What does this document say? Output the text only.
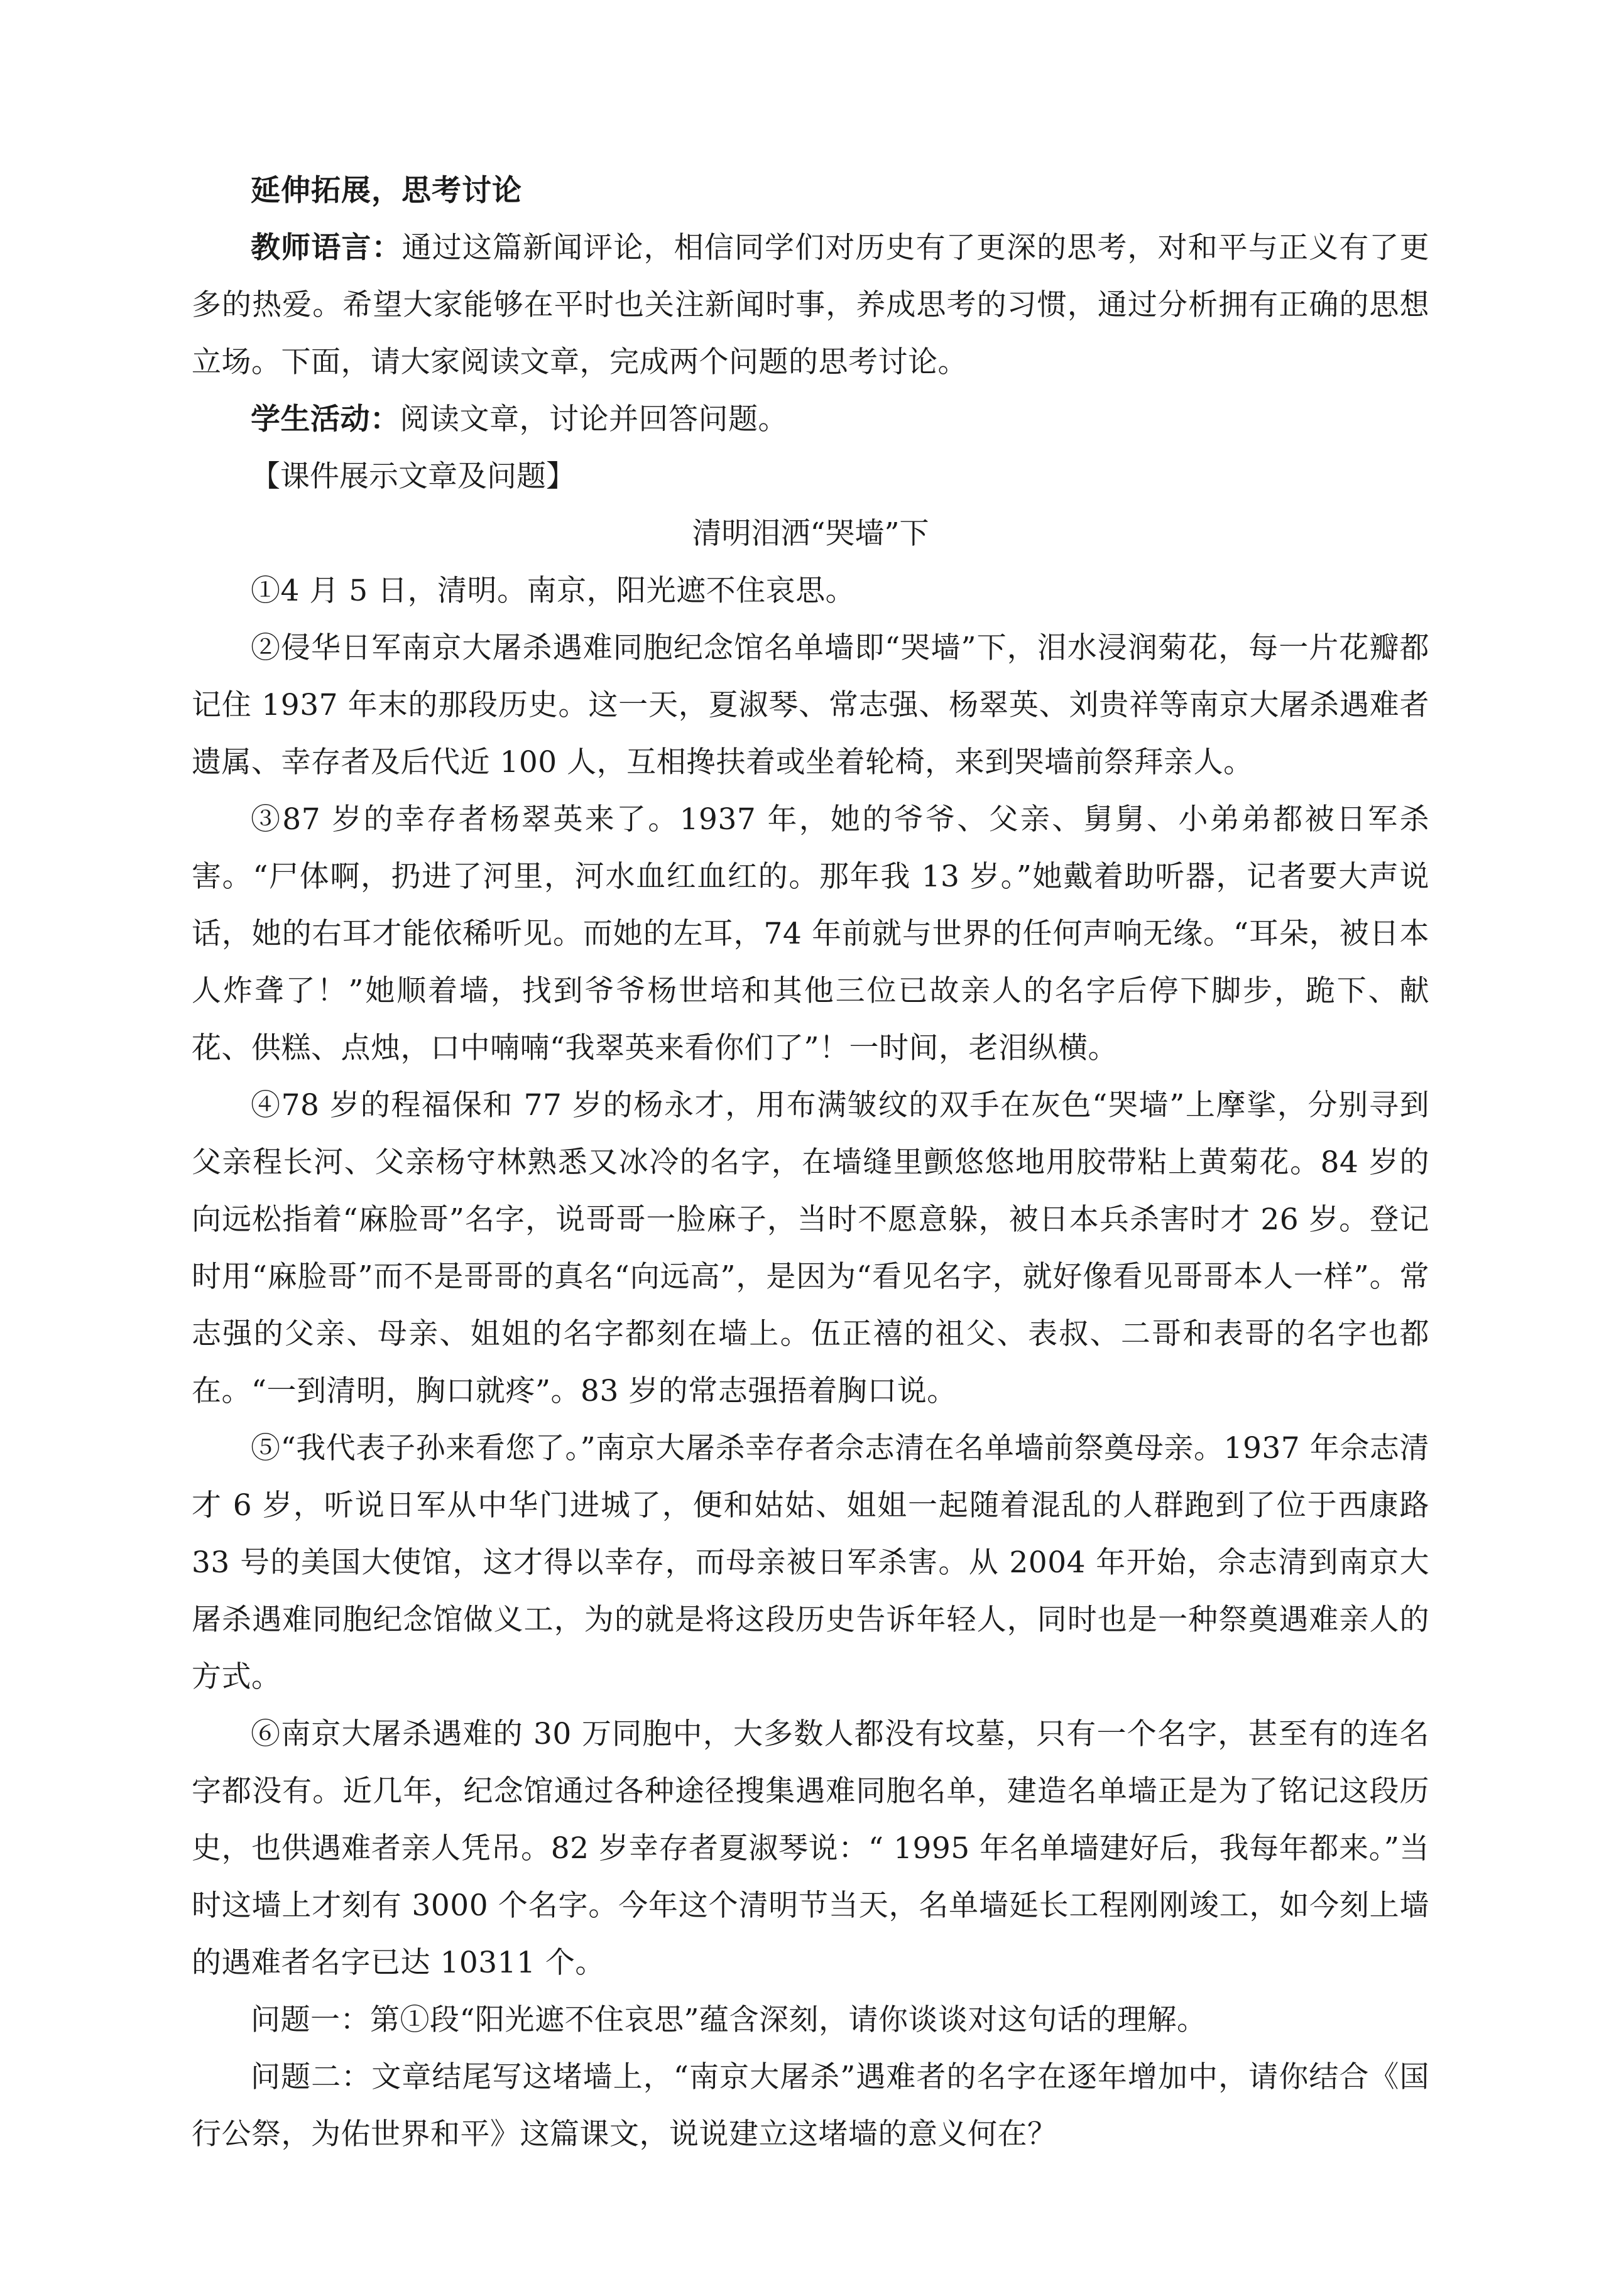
延伸拓展，思考讨论

教师语言：通过这篇新闻评论，相信同学们对历史有了更深的思考，对和平与正义有了更多的热爱。希望大家能够在平时也关注新闻时事，养成思考的习惯，通过分析拥有正确的思想立场。下面，请大家阅读文章，完成两个问题的思考讨论。

学生活动：阅读文章，讨论并回答问题。

【课件展示文章及问题】

清明泪洒“哭墙”下

①4 月 5 日，清明。南京，阳光遮不住哀思。

②侵华日军南京大屠杀遇难同胞纪念馆名单墙即“哭墙”下，泪水浸润菊花，每一片花瓣都记住 1937 年末的那段历史。这一天，夏淑琴、常志强、杨翠英、刘贵祥等南京大屠杀遇难者遗属、幸存者及后代近 100 人，互相搀扶着或坐着轮椅，来到哭墙前祭拜亲人。

③87 岁的幸存者杨翠英来了。1937 年，她的爷爷、父亲、舅舅、小弟弟都被日军杀害。“尸体啊，扔进了河里，河水血红血红的。那年我 13 岁。”她戴着助听器，记者要大声说话，她的右耳才能依稀听见。而她的左耳，74 年前就与世界的任何声响无缘。“耳朵，被日本人炸聋了！”她顺着墙，找到爷爷杨世培和其他三位已故亲人的名字后停下脚步，跪下、献花、供糕、点烛，口中喃喃“我翠英来看你们了”！一时间，老泪纵横。

④78 岁的程福保和 77 岁的杨永才，用布满皱纹的双手在灰色“哭墙”上摩挲，分别寻到父亲程长河、父亲杨守林熟悉又冰冷的名字，在墙缝里颤悠悠地用胶带粘上黄菊花。84 岁的向远松指着“麻脸哥”名字，说哥哥一脸麻子，当时不愿意躲，被日本兵杀害时才 26 岁。登记时用“麻脸哥”而不是哥哥的真名“向远高”，是因为“看见名字，就好像看见哥哥本人一样”。常志强的父亲、母亲、姐姐的名字都刻在墙上。伍正禧的祖父、表叔、二哥和表哥的名字也都在。“一到清明，胸口就疼”。83 岁的常志强捂着胸口说。

⑤“我代表子孙来看您了。”南京大屠杀幸存者佘志清在名单墙前祭奠母亲。1937 年佘志清才 6 岁，听说日军从中华门进城了，便和姑姑、姐姐一起随着混乱的人群跑到了位于西康路 33 号的美国大使馆，这才得以幸存，而母亲被日军杀害。从 2004 年开始，佘志清到南京大屠杀遇难同胞纪念馆做义工，为的就是将这段历史告诉年轻人，同时也是一种祭奠遇难亲人的方式。

⑥南京大屠杀遇难的 30 万同胞中，大多数人都没有坟墓，只有一个名字，甚至有的连名字都没有。近几年，纪念馆通过各种途径搜集遇难同胞名单，建造名单墙正是为了铭记这段历史，也供遇难者亲人凭吊。82 岁幸存者夏淑琴说：“ 1995 年名单墙建好后，我每年都来。”当时这墙上才刻有 3000 个名字。今年这个清明节当天，名单墙延长工程刚刚竣工，如今刻上墙的遇难者名字已达 10311 个。

问题一：第①段“阳光遮不住哀思”蕴含深刻，请你谈谈对这句话的理解。

问题二：文章结尾写这堵墙上，“南京大屠杀”遇难者的名字在逐年增加中，请你结合《国行公祭，为佑世界和平》这篇课文，说说建立这堵墙的意义何在？
